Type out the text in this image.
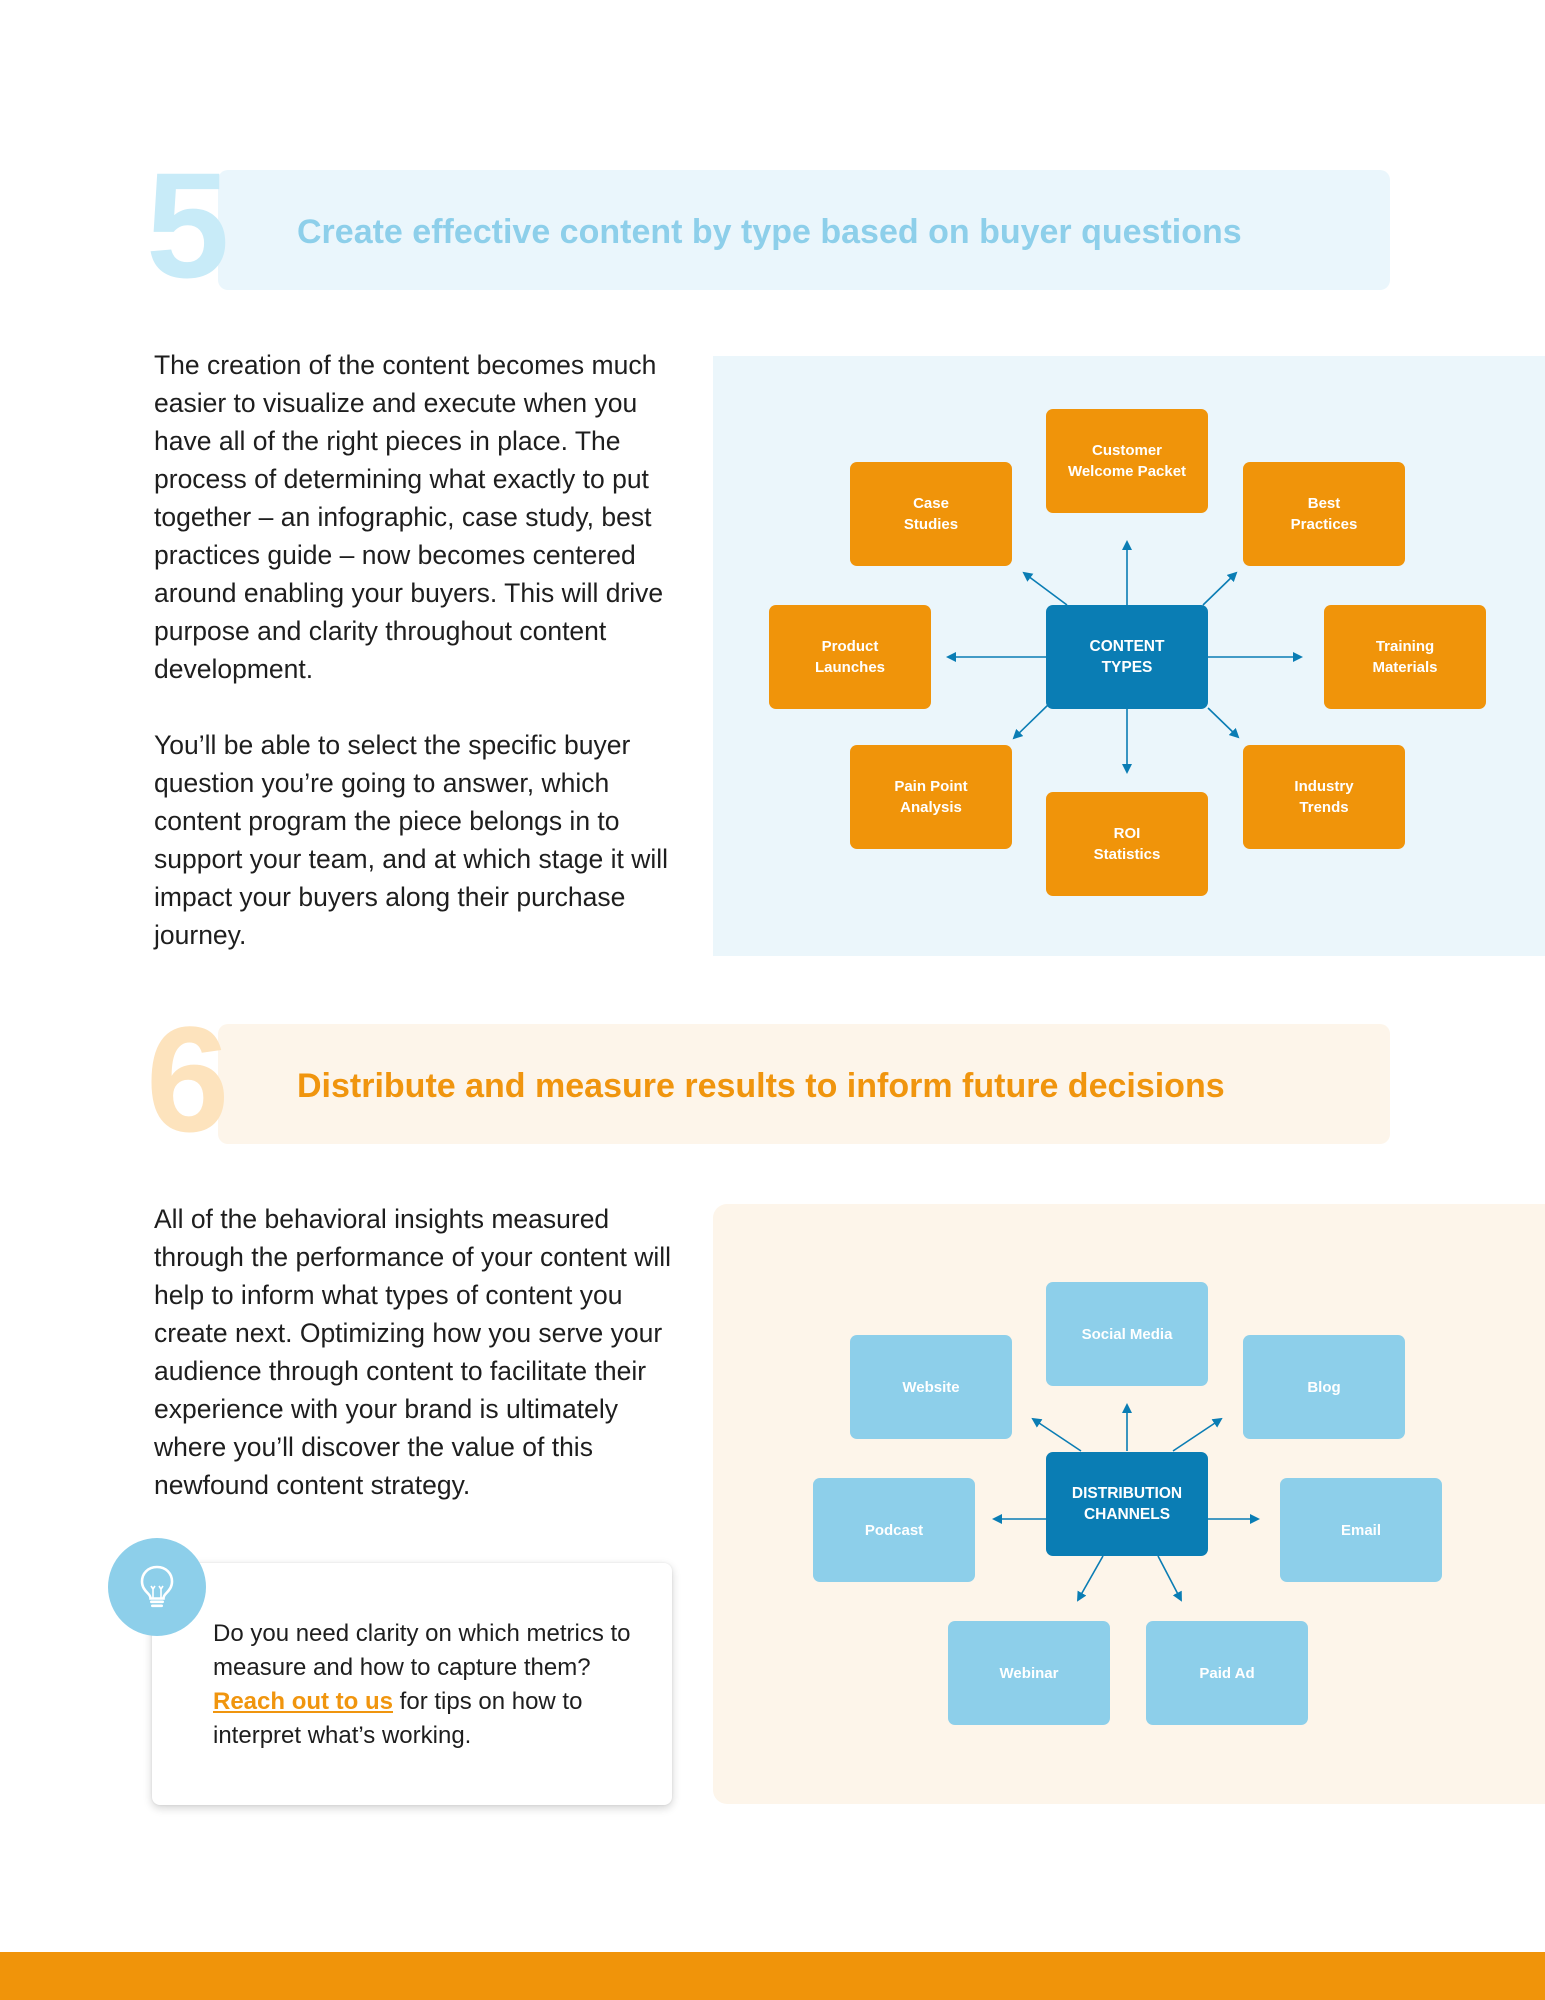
5 Create effective content by type based on buyer questions

The creation of the content becomes much easier to visualize and execute when you have all of the right pieces in place. The process of determining what exactly to put together – an infographic, case study, best practices guide – now becomes centered around enabling your buyers. This will drive purpose and clarity throughout content development.

You’ll be able to select the specific buyer question you’re going to answer, which content program the piece belongs in to support your team, and at which stage it will impact your buyers along their purchase journey.

Customer
Welcome Packet
Case
Studies
Best
Practices
Product
Launches
CONTENT
TYPES
Training
Materials
Pain Point
Analysis
Industry
Trends
ROI
Statistics
6 Distribute and measure results to inform future decisions

All of the behavioral insights measured through the performance of your content will help to inform what types of content you create next. Optimizing how you serve your audience through content to facilitate their experience with your brand is ultimately where you’ll discover the value of this newfound content strategy.

Social Media
Website	Blog
Podcast
DISTRIBUTION
CHANNELS
Email
Webinar	Paid Ad
Do you need clarity on which metrics to measure and how to capture them? Reach out to us for tips on how to interpret what’s working.
